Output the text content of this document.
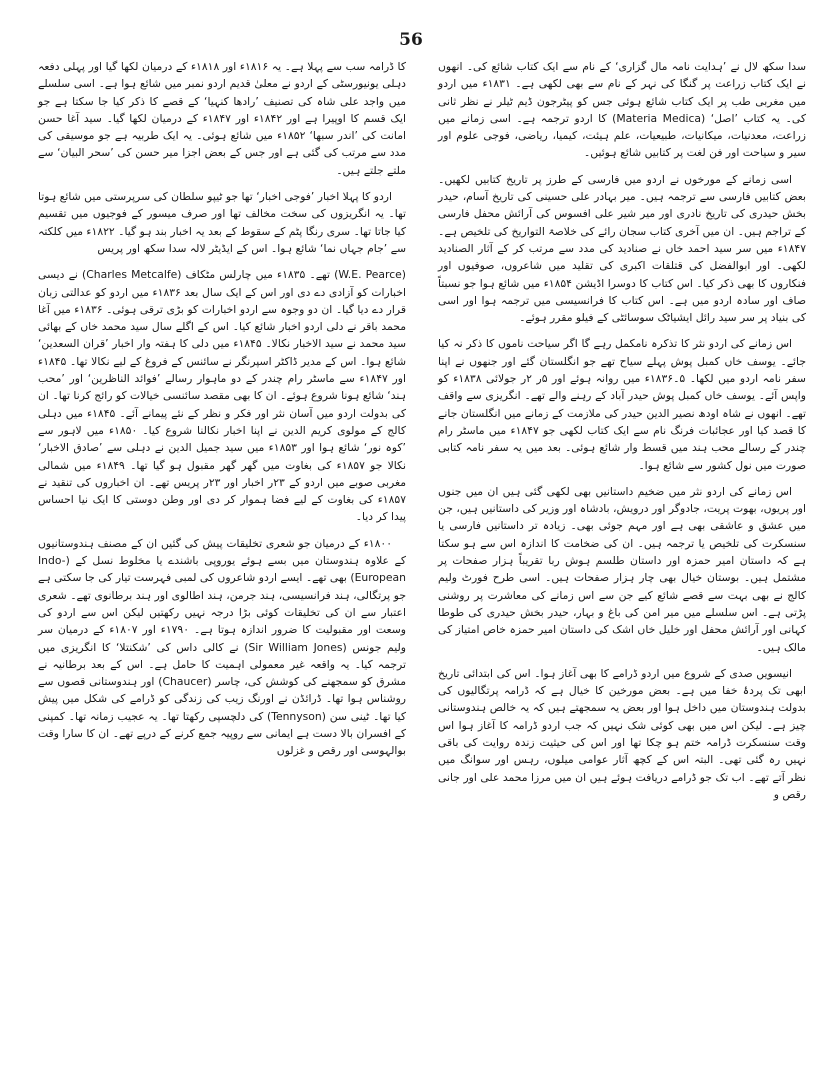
56

سدا سکھ لال نے ’ہدایت نامہ مال گزاری‘ کے نام سے ایک کتاب شائع کی۔ انھوں نے ایک کتاب زراعت پر گنگا کی نہر کے نام سے بھی لکھی ہے۔ ۱۸۳۱ء میں اردو میں مغربی طب پر ایک کتاب شائع ہوئی جس کو پیٹرجون ڈیم ٹیلر نے نظر ثانی کی۔ یہ کتاب ’اصل‘ (Materia Medica) کا اردو ترجمہ ہے۔ اسی زمانے میں زراعت، معدنیات، میکانیات، طبیعیات، علم ہیئت، کیمیا، ریاضی، فوجی علوم اور سیر و سیاحت اور فن لغت پر کتابیں شائع ہوئیں۔

اسی زمانے کے مورخوں نے اردو میں فارسی کے طرز پر تاریخ کتابیں لکھیں۔ بعض کتابیں فارسی سے ترجمہ ہیں۔ میر بہادر علی حسینی کی تاریخ آسام، حیدر بخش حیدری کی تاریخ نادری اور میر شیر علی افسوس کی آرائش محفل فارسی کے تراجم ہیں۔ ان میں آخری کتاب سجان رائے کی خلاصۃ التواریخ کی تلخیص ہے۔ ۱۸۴۷ء میں سر سید احمد خاں نے صنادید کی مدد سے مرتب کر کے آثار الصنادید لکھی۔ اور ابوالفضل کی قتلقات اکبری کی تقلید میں شاعروں، صوفیوں اور فنکاروں کا بھی ذکر کیا۔ اس کتاب کا دوسرا اڈیشن ۱۸۵۴ء میں شائع ہوا جو نسبتاً صاف اور سادہ اردو میں ہے۔ اس کتاب کا فرانسیسی میں ترجمہ ہوا اور اسی کی بنیاد پر سر سید رائل ایشیاٹک سوسائٹی کے فیلو مقرر ہوئے۔

اس زمانے کی اردو نثر کا تذکرہ نامکمل رہے گا اگر سیاحت ناموں کا ذکر نہ کیا جائے۔ یوسف خاں کمبل پوش پہلے سیاح تھے جو انگلستان گئے اور جنھوں نے اپنا سفر نامہ اردو میں لکھا۔ ۵۔۱۸۳۶ء میں روانہ ہوئے اور ۵ر ۲ر جولائی ۱۸۳۸ء کو واپس آئے۔ یوسف خاں کمبل پوش حیدر آباد کے رہنے والے تھے۔ انگریزی سے واقف تھے۔ انھوں نے شاہ اودھ نصیر الدین حیدر کی ملازمت کے زمانے میں انگلستان جانے کا قصد کیا اور عجائبات فرنگ نام سے ایک کتاب لکھی جو ۱۸۴۷ء میں ماسٹر رام چندر کے رسالے محب ہند میں قسط وار شائع ہوئی۔ بعد میں یہ سفر نامہ کتابی صورت میں نول کشور سے شائع ہوا۔

اس زمانے کی اردو نثر میں ضخیم داستانیں بھی لکھی گئی ہیں ان میں جنوں اور پریوں، بھوت پریت، جادوگر اور درویش، بادشاہ اور وزیر کی داستانیں ہیں، جن میں عشق و عاشقی بھی ہے اور مہم جوئی بھی۔ زیادہ تر داستانیں فارسی یا سنسکرت کی تلخیص یا ترجمہ ہیں۔ ان کی ضخامت کا اندازہ اس سے ہو سکتا ہے کہ داستان امیر حمزہ اور داستان طلسم ہوش ربا تقریباً ہزار صفحات پر مشتمل ہیں۔ بوستان خیال بھی چار ہزار صفحات ہیں۔ اسی طرح فورٹ ولیم کالج نے بھی بہت سے قصے شائع کیے جن سے اس زمانے کی معاشرت پر روشنی پڑتی ہے۔ اس سلسلے میں میر امن کی باغ و بہار، حیدر بخش حیدری کی طوطا کہانی اور آرائش محفل اور خلیل خاں اشک کی داستان امیر حمزہ خاص امتیاز کی مالک ہیں۔

انیسویں صدی کے شروع میں اردو ڈرامے کا بھی آغاز ہوا۔ اس کی ابتدائی تاریخ ابھی تک پردۂ خفا میں ہے۔ بعض مورخین کا خیال ہے کہ ڈرامہ پرتگالیوں کی بدولت ہندوستان میں داخل ہوا اور بعض یہ سمجھتے ہیں کہ یہ خالص ہندوستانی چیز ہے۔ لیکن اس میں بھی کوئی شک نہیں کہ جب اردو ڈرامہ کا آغاز ہوا اس وقت سنسکرت ڈرامہ ختم ہو چکا تھا اور اس کی حیثیت زندہ روایت کی باقی نہیں رہ گئی تھی۔ البتہ اس کے کچھ آثار عوامی میلوں، رہس اور سوانگ میں نظر آتے تھے۔ اب تک جو ڈرامے دریافت ہوئے ہیں ان میں مرزا محمد علی اور جانی رقص و

کا ڈرامہ سب سے پہلا ہے۔ یہ ۱۸۱۶ء اور ۱۸۱۸ء کے درمیان لکھا گیا اور پہلی دفعہ دہلی یونیورسٹی کے اردو نے معلیٰ قدیم اردو نمبر میں شائع ہوا ہے۔ اسی سلسلے میں واجد علی شاہ کی تصنیف ’رادھا کنہیا‘ کے قصے کا ذکر کیا جا سکتا ہے جو ایک قسم کا اوپیرا ہے اور ۱۸۴۲ء اور ۱۸۴۷ء کے درمیان لکھا گیا۔ سید آغا حسن امانت کی ’اندر سبھا‘ ۱۸۵۲ء میں شائع ہوئی۔ یہ ایک طربیہ ہے جو موسیقی کی مدد سے مرتب کی گئی ہے اور جس کے بعض اجزا میر حسن کی ’سحر البیان‘ سے ملتے جلتے ہیں۔

اردو کا پہلا اخبار ’فوجی اخبار‘ تھا جو ٹیپو سلطان کی سرپرستی میں شائع ہوتا تھا۔ یہ انگریزوں کی سخت مخالف تھا اور صرف میسور کے فوجیوں میں تقسیم کیا جاتا تھا۔ سری رنگا پٹم کے سقوط کے بعد یہ اخبار بند ہو گیا۔ ۱۸۲۲ء میں کلکتہ سے ’جام جہاں نما‘ شائع ہوا۔ اس کے ایڈیٹر لالہ سدا سکھ اور پریس

(W.E. Pearce) تھے۔ ۱۸۳۵ء میں چارلس مٹکاف (Charles Metcalfe) نے دیسی اخبارات کو آزادی دے دی اور اس کے ایک سال بعد ۱۸۳۶ء میں اردو کو عدالتی زبان قرار دے دیا گیا۔ ان دو وجوہ سے اردو اخبارات کو بڑی ترقی ہوئی۔ ۱۸۳۶ء میں آغا محمد باقر نے دلی اردو اخبار شائع کیا۔ اس کے اگلے سال سید محمد خاں کے بھائی سید محمد نے سید الاخبار نکالا۔ ۱۸۴۵ء میں دلی کا ہفتہ وار اخبار ’قران السعدین‘ شائع ہوا۔ اس کے مدیر ڈاکٹر اسپرنگر نے سائنس کے فروغ کے لیے نکالا تھا۔ ۱۸۴۵ء اور ۱۸۴۷ء سے ماسٹر رام چندر کے دو ماہوار رسالے ’فوائد الناظرین‘ اور ’محب ہند‘ شائع ہونا شروع ہوئے۔ ان کا بھی مقصد سائنسی خیالات کو رائج کرنا تھا۔ ان کی بدولت اردو میں آسان نثر اور فکر و نظر کے نئے پیمانے آئے۔ ۱۸۴۵ء میں دہلی کالج کے مولوی کریم الدین نے اپنا اخبار نکالنا شروع کیا۔ ۱۸۵۰ء میں لاہور سے ’کوہ نور‘ شائع ہوا اور ۱۸۵۳ء میں سید جمیل الدین نے دہلی سے ’صادق الاخبار‘ نکالا جو ۱۸۵۷ء کی بغاوت میں گھر گھر مقبول ہو گیا تھا۔ ۱۸۴۹ء میں شمالی مغربی صوبے میں اردو کے ۲۳ر اخبار اور ۲۳ر پریس تھے۔ ان اخباروں کی تنقید نے ۱۸۵۷ء کی بغاوت کے لیے فضا ہموار کر دی اور وطن دوستی کا ایک نیا احساس پیدا کر دیا۔

۱۸۰۰ء کے درمیان جو شعری تخلیقات پیش کی گئیں ان کے مصنف ہندوستانیوں کے علاوہ ہندوستان میں بسے ہوئے یوروپی باشندے یا مخلوط نسل کے (Indo-European) بھی تھے۔ ایسے اردو شاعروں کی لمبی فہرست تیار کی جا سکتی ہے جو پرتگالی، ہند فرانسیسی، ہند جرمن، ہند اطالوی اور ہند برطانوی تھے۔ شعری اعتبار سے ان کی تخلیقات کوئی بڑا درجہ نہیں رکھتیں لیکن اس سے اردو کی وسعت اور مقبولیت کا ضرور اندازہ ہوتا ہے۔ ۱۷۹۰ء اور ۱۸۰۷ء کے درمیان سر ولیم جونس (Sir William Jones) نے کالی داس کی ’شکنتلا‘ کا انگریزی میں ترجمہ کیا۔ یہ واقعہ غیر معمولی اہمیت کا حامل ہے۔ اس کے بعد برطانیہ نے مشرق کو سمجھنے کی کوشش کی، چاسر (Chaucer) اور ہندوستانی قصوں سے روشناس ہوا تھا۔ ڈرائڈن نے اورنگ زیب کی زندگی کو ڈرامے کی شکل میں پیش کیا تھا۔ ٹینی سن (Tennyson) کی دلچسپی رکھتا تھا۔ یہ عجیب زمانہ تھا۔ کمپنی کے افسران بالا دست ہے ایمانی سے روپیہ جمع کرنے کے درپے تھے۔ ان کا سارا وقت بوالہوسی اور رقص و غزلوں
